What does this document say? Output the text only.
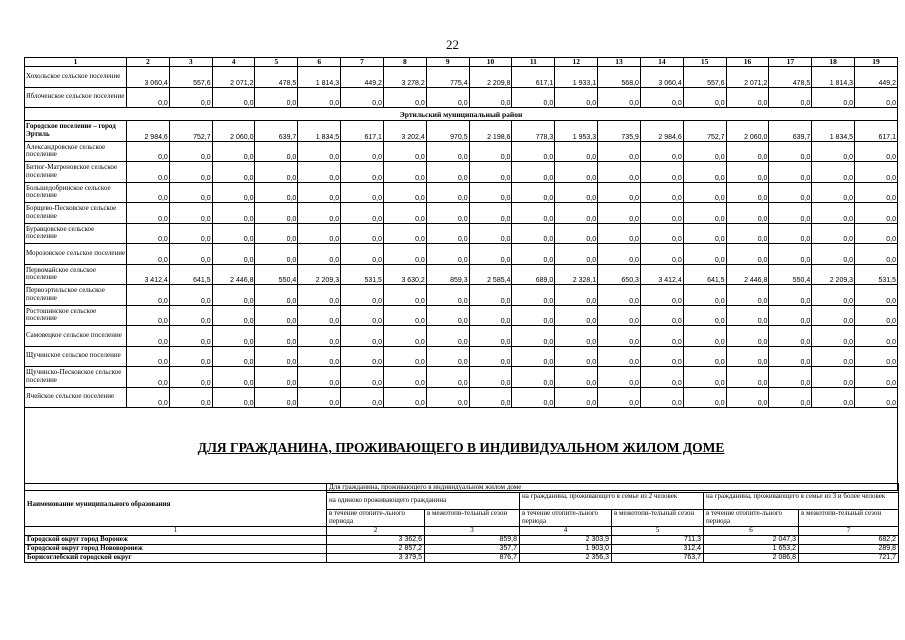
22
1	2	3	4	5	6	7	8	9	10	11	12	13	14	15	16	17	18	19
Хохольское сельское поселение	3 060,4	557,6	2 071,2	478,5	1 814,3	449,2	3 278,2	775,4	2 209,8	617,1	1 933,1	568,0	3 060,4	557,6	2 071,2	478,5	1 814,3	449,2
Яблоченское сельское поселение	0,0	0,0	0,0	0,0	0,0	0,0	0,0	0,0	0,0	0,0	0,0	0,0	0,0	0,0	0,0	0,0	0,0	0,0
Эртильский муниципальный район																		
Городское поселение – город Эртиль	2 984,6	752,7	2 060,0	639,7	1 834,5	617,1	3 202,4	970,5	2 198,6	778,3	1 953,3	735,9	2 984,6	752,7	2 060,0	639,7	1 834,5	617,1
Александровское сельское поселение	0,0	0,0	0,0	0,0	0,0	0,0	0,0	0,0	0,0	0,0	0,0	0,0	0,0	0,0	0,0	0,0	0,0	0,0
Битюг-Матреновское сельское поселение	0,0	0,0	0,0	0,0	0,0	0,0	0,0	0,0	0,0	0,0	0,0	0,0	0,0	0,0	0,0	0,0	0,0	0,0
Большедобринское сельское поселение	0,0	0,0	0,0	0,0	0,0	0,0	0,0	0,0	0,0	0,0	0,0	0,0	0,0	0,0	0,0	0,0	0,0	0,0
Борщево-Песковское сельское поселение	0,0	0,0	0,0	0,0	0,0	0,0	0,0	0,0	0,0	0,0	0,0	0,0	0,0	0,0	0,0	0,0	0,0	0,0
Буравцовское сельское поселение	0,0	0,0	0,0	0,0	0,0	0,0	0,0	0,0	0,0	0,0	0,0	0,0	0,0	0,0	0,0	0,0	0,0	0,0
Морозовское сельское поселение	0,0	0,0	0,0	0,0	0,0	0,0	0,0	0,0	0,0	0,0	0,0	0,0	0,0	0,0	0,0	0,0	0,0	0,0
Первомайское сельское поселение	3 412,4	641,5	2 446,8	550,4	2 209,3	531,5	3 630,2	859,3	2 585,4	689,0	2 328,1	650,3	3 412,4	641,5	2 446,8	550,4	2 209,3	531,5
Первоэртильское сельское поселение	0,0	0,0	0,0	0,0	0,0	0,0	0,0	0,0	0,0	0,0	0,0	0,0	0,0	0,0	0,0	0,0	0,0	0,0
Ростошинское сельское поселение	0,0	0,0	0,0	0,0	0,0	0,0	0,0	0,0	0,0	0,0	0,0	0,0	0,0	0,0	0,0	0,0	0,0	0,0
Самовецкое сельское поселение	0,0	0,0	0,0	0,0	0,0	0,0	0,0	0,0	0,0	0,0	0,0	0,0	0,0	0,0	0,0	0,0	0,0	0,0
Щучинское сельское поселение	0,0	0,0	0,0	0,0	0,0	0,0	0,0	0,0	0,0	0,0	0,0	0,0	0,0	0,0	0,0	0,0	0,0	0,0
Щучинско-Песковское сельское поселение	0,0	0,0	0,0	0,0	0,0	0,0	0,0	0,0	0,0	0,0	0,0	0,0	0,0	0,0	0,0	0,0	0,0	0,0
Ячейское сельское поселение	0,0	0,0	0,0	0,0	0,0	0,0	0,0	0,0	0,0	0,0	0,0	0,0	0,0	0,0	0,0	0,0	0,0	0,0

ДЛЯ ГРАЖДАНИНА, ПРОЖИВАЮЩЕГО В ИНДИВИДУАЛЬНОМ ЖИЛОМ ДОМЕ
Наименование муниципального образования	Для гражданина, проживающего в индивидуальном жилом доме					
	на одиноко проживающего гражданина		на гражданина, проживающего в семье из 2 человек		на гражданина, проживающего в семье из 3 и более человек	
	в течение отопите-льного периода	в межотопи-тельный сезон	в течение отопите-льного периода	в межотопи-тельный сезон	в течение отопите-льного периода	в межотопи-тельный сезон
1	2	3	4	5	6	7
Городской округ город Воронеж	3 362,6	859,8	2 303,9	711,3	2 047,3	682,2
Городской округ город Нововоронеж	2 857,2	357,7	1 903,0	312,4	1 653,2	289,8
Борисоглебский городской округ	3 379,5	876,7	2 356,3	763,7	2 086,8	721,7
